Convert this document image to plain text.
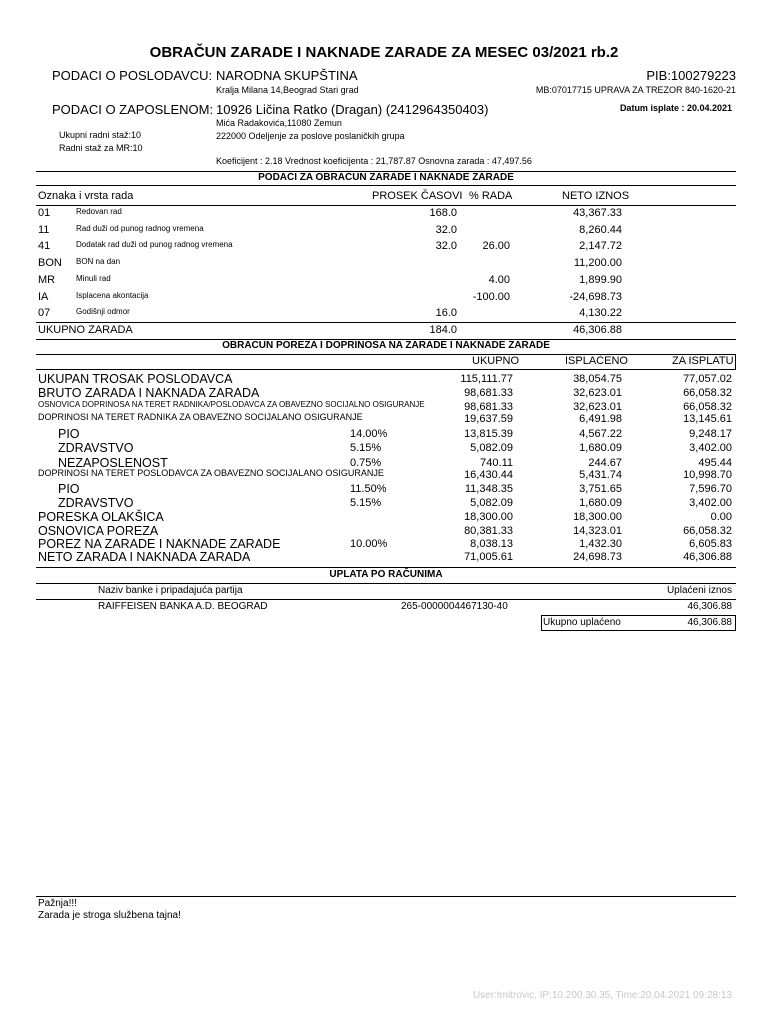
OBRAČUN ZARADE I NAKNADE ZARADE ZA MESEC 03/2021 rb.2
PODACI O POSLODAVCU: NARODNA SKUPŠTINA
Kralja Milana 14,Beograd Stari grad
PIB:100279223
MB:07017715 UPRAVA ZA TREZOR 840-1620-21
PODACI O ZAPOSLENOM: 10926 Ličina Ratko (Dragan) (2412964350403)	Datum isplate : 20.04.2021
Mića Radakovića,11080 Zemun
Ukupni radni staž:10	222000 Odeljenje za poslove poslaničkih grupa
Radni staž za MR:10
Koeficijent : 2.18 Vrednost koeficijenta : 21,787.87 Osnovna zarada : 47,497.56
PODACI ZA OBRAČUN ZARADE I NAKNADE ZARADE
Oznaka i vrsta rada	PROSEK ČASOVI % RADA	NETO IZNOS
01	Redovan rad	168.0	43,367.33
11	Rad duži od punog radnog vremena	32.0	8,260.44
41	Dodatak rad duži od punog radnog vremena	32.0	26.00	2,147.72
BON BON na dan	11,200.00
MR	Minuli rad	4.00	1,899.90
IA	Isplacena akontacija	-100.00	-24,698.73
07	Godišnji odmor	16.0	4,130.22
UKUPNO ZARADA	184.0	46,306.88
OBRACUN POREZA I DOPRINOSA NA ZARADE I NAKNADE ZARADE
UKUPNO	ISPLAĆENO	ZA ISPLATU
UKUPAN TROSAK POSLODAVCA	115,111.77	38,054.75	77,057.02
BRUTO ZARADA I NAKNADA ZARADA	98,681.33	32,623.01	66,058.32
OSNOVICA DOPRINOSA NA TERET RADNIKA/POSLODAVCA ZA OBAVEZNO SOCIJALNO OSIGURANJE	98,681.33	32,623.01	66,058.32
DOPRINOSI NA TERET RADNIKA ZA OBAVEZNO SOCIJALANO OSIGURANJE	19,637.59	6,491.98	13,145.61
PIO	14.00%	13,815.39	4,567.22	9,248.17
ZDRAVSTVO	5.15%	5,082.09	1,680.09	3,402.00
NEZAPOSLENOST	0.75%	740.11	244.67	495.44
DOPRINOSI NA TERET POSLODAVCA ZA OBAVEZNO SOCIJALANO OSIGURANJE	16,430.44	5,431.74	10,998.70
PIO	11.50%	11,348.35	3,751.65	7,596.70
ZDRAVSTVO	5.15%	5,082.09	1,680.09	3,402.00
PORESKA OLAKŠICA	18,300.00	18,300.00	0.00
OSNOVICA POREZA	80,381.33	14,323.01	66,058.32
POREZ NA ZARADE I NAKNADE ZARADE	10.00%	8,038.13	1,432.30	6,605.83
NETO ZARADA I NAKNADA ZARADA	71,005.61	24,698.73	46,306.88
UPLATA PO RAČUNIMA
Naziv banke i pripadajuća partija	Uplaćeni iznos
RAIFFEISEN BANKA A.D. BEOGRAD	265-0000004467130-40	46,306.88
Ukupno uplaćeno	46,306.88
Pažnja!!!
Zarada je stroga službena tajna!
User:tmitrovic, IP:10.200.30.35, Time:20.04.2021 09:28:13
